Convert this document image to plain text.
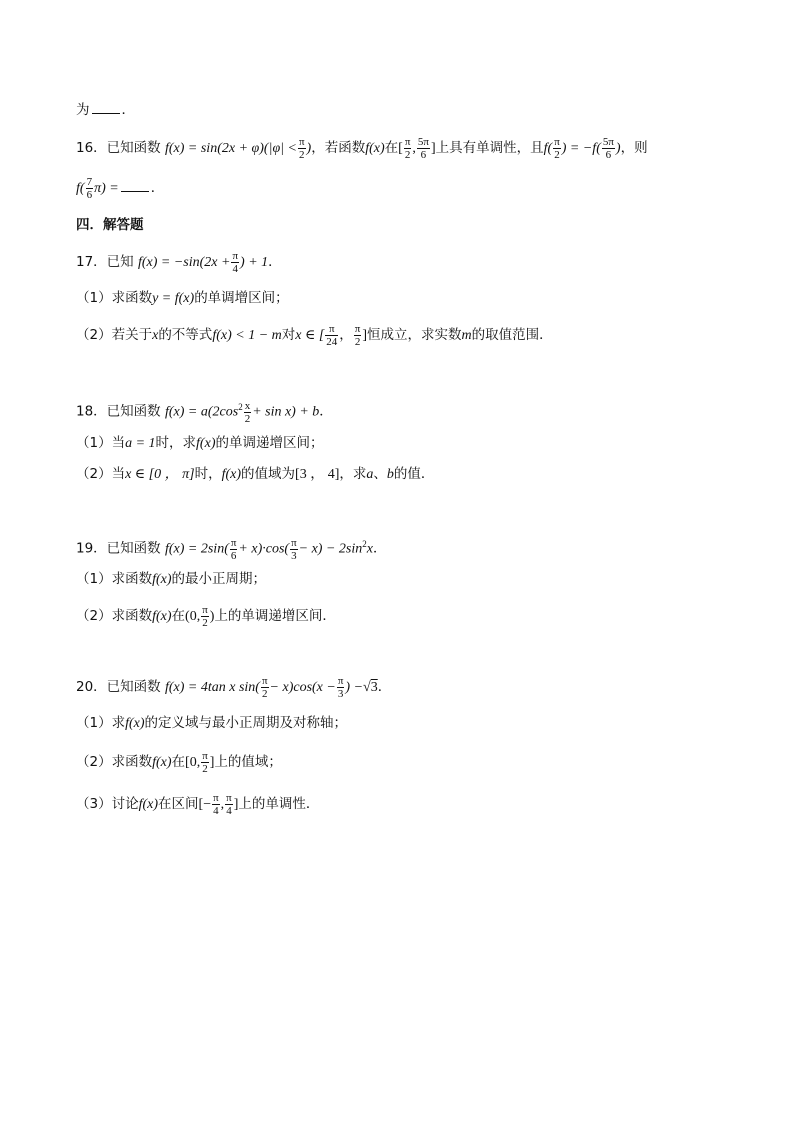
为 ．
16．已知函数 $f(x) = \sin(2x + \varphi)(|\varphi| < \frac{\pi}{2}$ )，若函数f(x)在[ $\frac{\pi}{2}$ , $\frac{5\pi}{6}$ ]上具有单调性，且$f( \frac{\pi}{2}$ ) = $-f( \frac{5\pi}{6}$ )，则
$f( \frac{7}{6} \pi)$ = ．
四．解答题
17．已知 $f(x) = -\sin(2x + \frac{\pi}{4}$ ) + 1．
（1）求函数y = f(x)的单调增区间；
（2）若关于x的不等式f(x) < 1 − m对x ∈ [ $\frac{\pi}{24}$ ， $\frac{\pi}{2}$ ]恒成立，求实数m的取值范围．
18．已知函数 $f(x) = a(2\cos^2 \frac{x}{2} + \sin x) + b$．
（1）当a = 1时，求f(x)的单调递增区间；
（2）当x ∈ [0 ， π]时，f(x)的值域为[3 ， 4]，求a、b的值．
19．已知函数 $f(x) = 2\sin( \frac{\pi}{6} + x)\cdot\cos( \frac{\pi}{3} - x) - 2\sin^2x$．
（1）求函数f(x)的最小正周期；
（2）求函数f(x)在(0, $\frac{\pi}{2}$ )上的单调递增区间．
20．已知函数 f(x) = 4tan x $\sin( \frac{\pi}{2} - x)\cos(x - \frac{\pi}{3}$ ) −√3．
（1）求f(x)的定义域与最小正周期及对称轴；
（2）求函数f(x)在[0, $\frac{\pi}{2}$ ]上的值域；
（3）讨论f(x)在区间[− $\frac{\pi}{4}$ , $\frac{\pi}{4}$ ]上的单调性．
